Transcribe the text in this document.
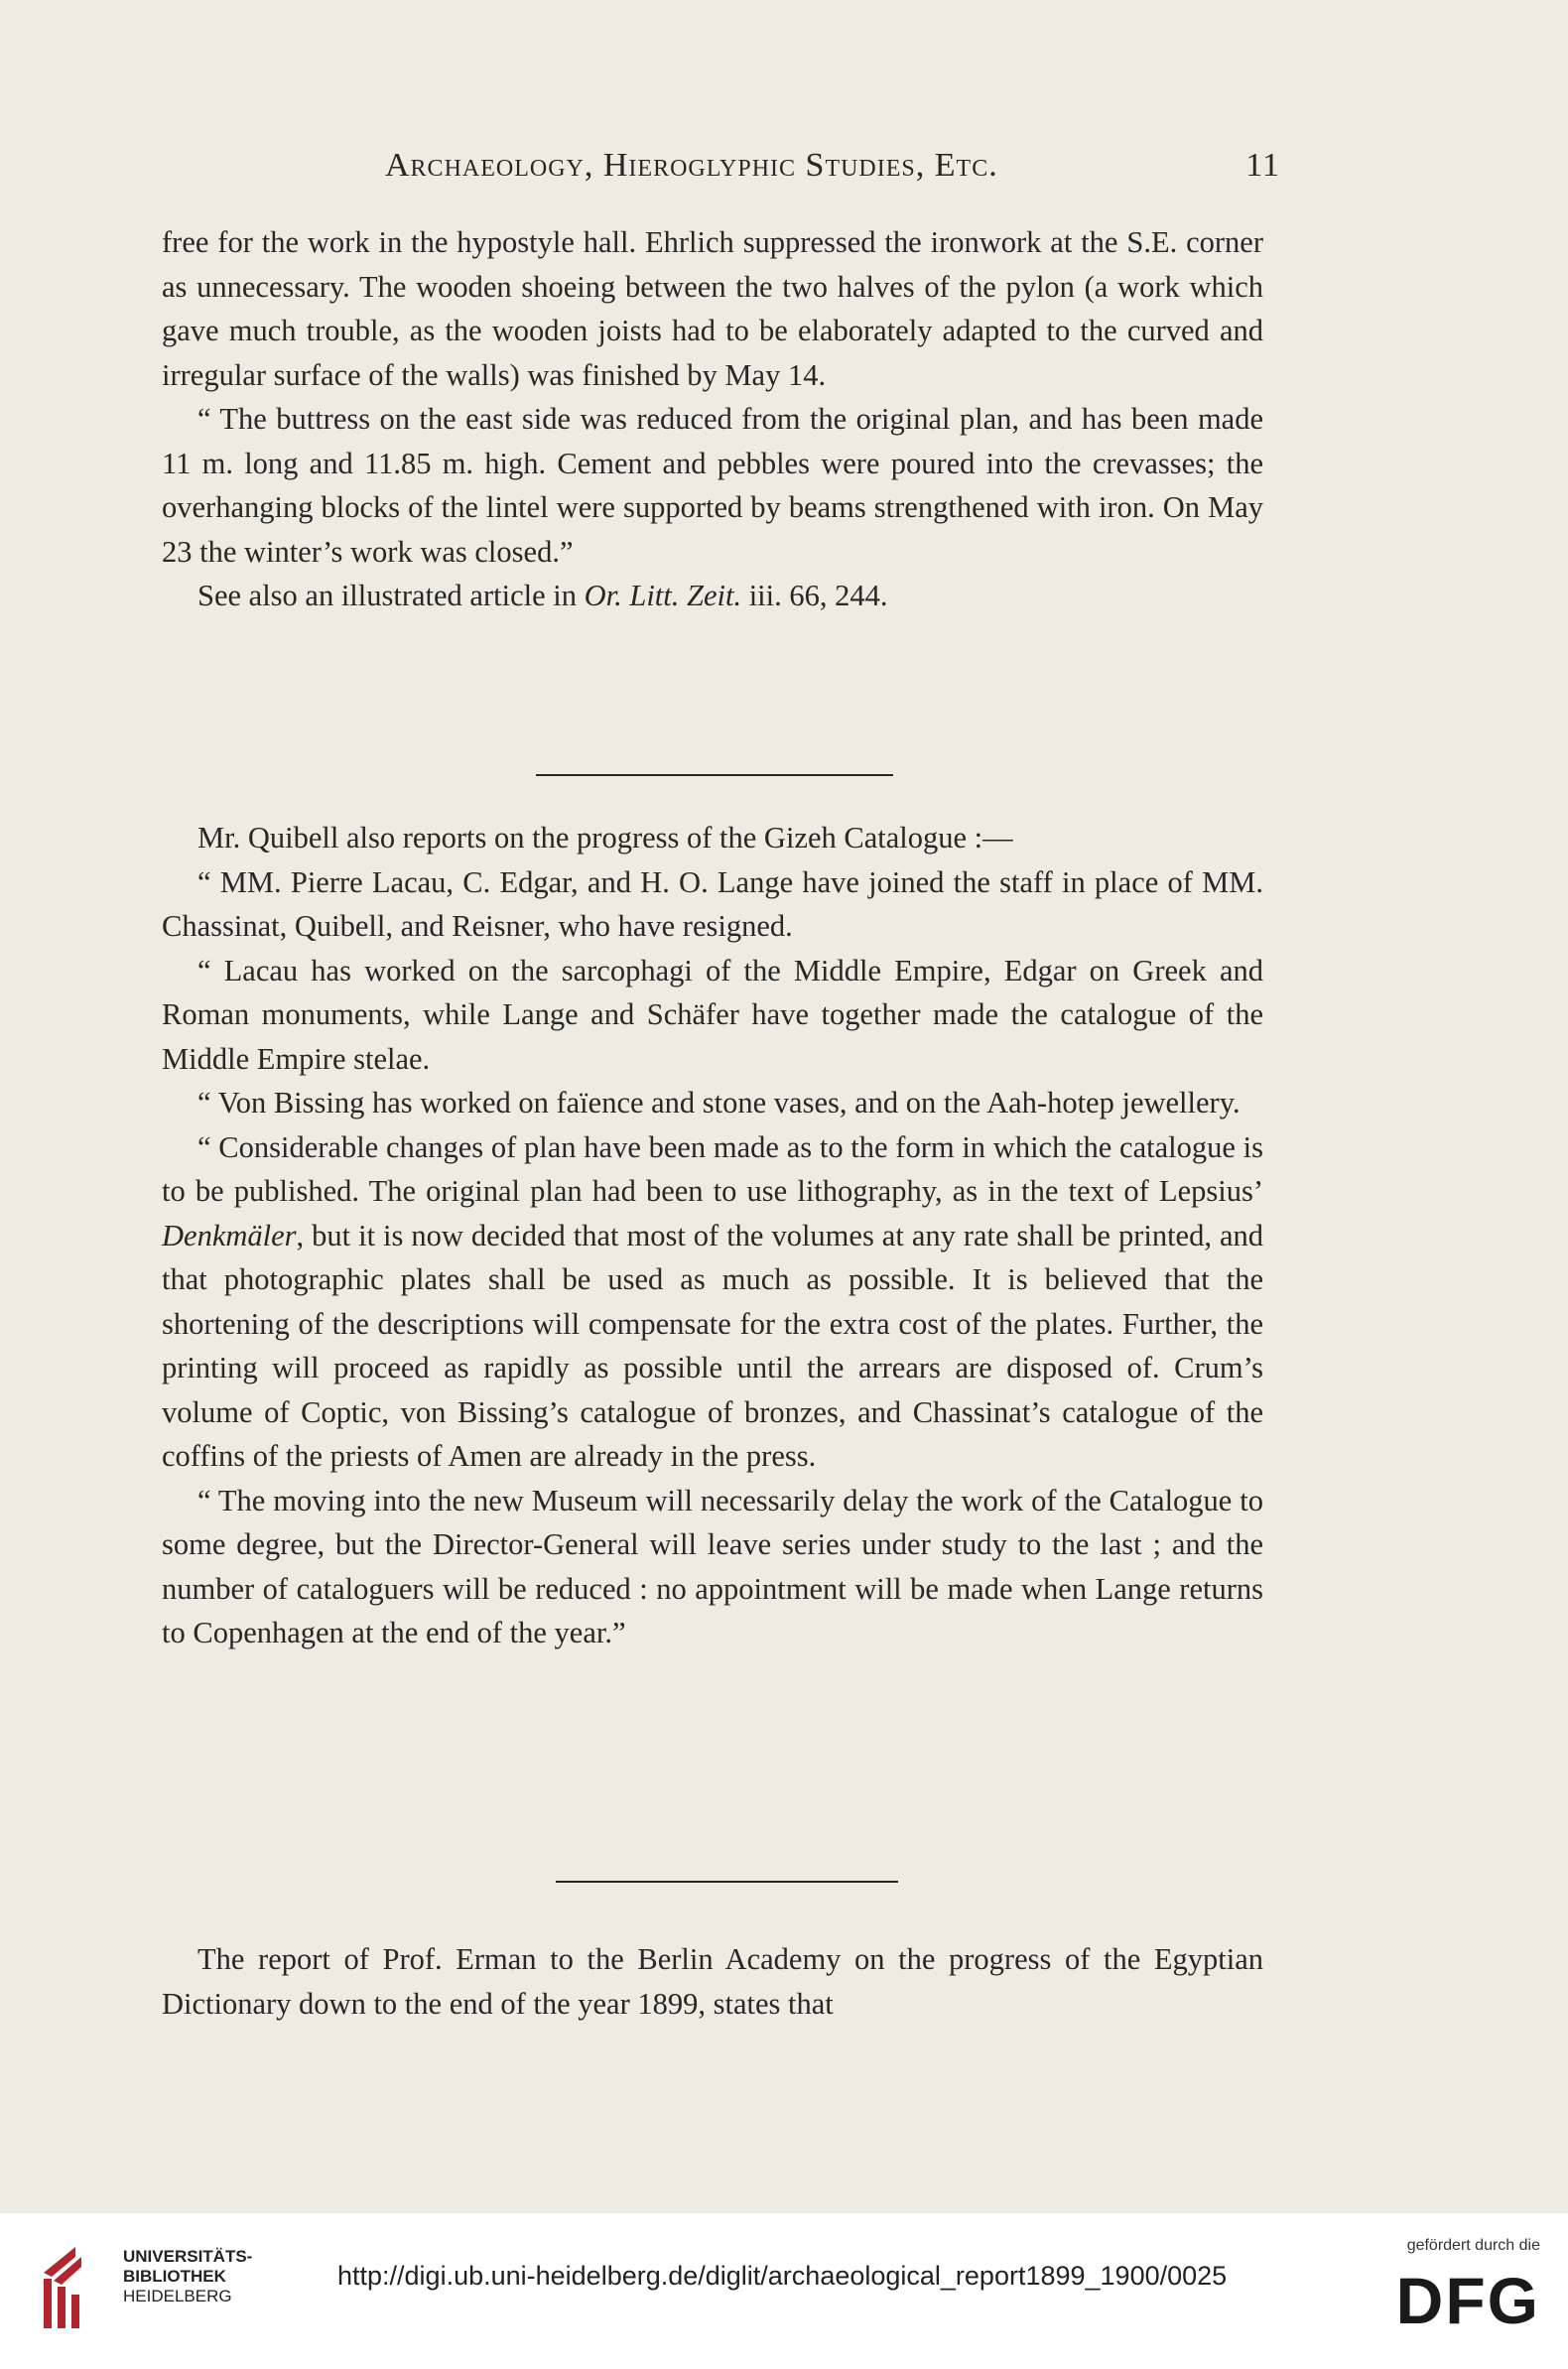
Archaeology, Hieroglyphic Studies, Etc.	11

free for the work in the hypostyle hall. Ehrlich suppressed the ironwork at the S.E. corner as unnecessary. The wooden shoeing between the two halves of the pylon (a work which gave much trouble, as the wooden joists had to be elaborately adapted to the curved and irregular surface of the walls) was finished by May 14.

“ The buttress on the east side was reduced from the original plan, and has been made 11 m. long and 11.85 m. high. Cement and pebbles were poured into the crevasses; the overhanging blocks of the lintel were supported by beams strengthened with iron. On May 23 the winter’s work was closed.”

See also an illustrated article in Or. Litt. Zeit. iii. 66, 244.

Mr. Quibell also reports on the progress of the Gizeh Catalogue :—

“ MM. Pierre Lacau, C. Edgar, and H. O. Lange have joined the staff in place of MM. Chassinat, Quibell, and Reisner, who have resigned.

“ Lacau has worked on the sarcophagi of the Middle Empire, Edgar on Greek and Roman monuments, while Lange and Schäfer have together made the catalogue of the Middle Empire stelae.

“ Von Bissing has worked on faïence and stone vases, and on the Aah-hotep jewellery.

“ Considerable changes of plan have been made as to the form in which the catalogue is to be published. The original plan had been to use lithography, as in the text of Lepsius’ Denkmäler, but it is now decided that most of the volumes at any rate shall be printed, and that photographic plates shall be used as much as possible. It is believed that the shortening of the descriptions will compensate for the extra cost of the plates. Further, the printing will proceed as rapidly as possible until the arrears are disposed of. Crum’s volume of Coptic, von Bissing’s catalogue of bronzes, and Chassinat’s catalogue of the coffins of the priests of Amen are already in the press.

“ The moving into the new Museum will necessarily delay the work of the Catalogue to some degree, but the Director-General will leave series under study to the last ; and the number of cataloguers will be reduced : no appointment will be made when Lange returns to Copenhagen at the end of the year.”

The report of Prof. Erman to the Berlin Academy on the progress of the Egyptian Dictionary down to the end of the year 1899, states that

UNIVERSITÄTS-
BIBLIOTHEK
HEIDELBERG
http://digi.ub.uni-heidelberg.de/diglit/archaeological_report1899_1900/0025
gefördert durch die
DFG
